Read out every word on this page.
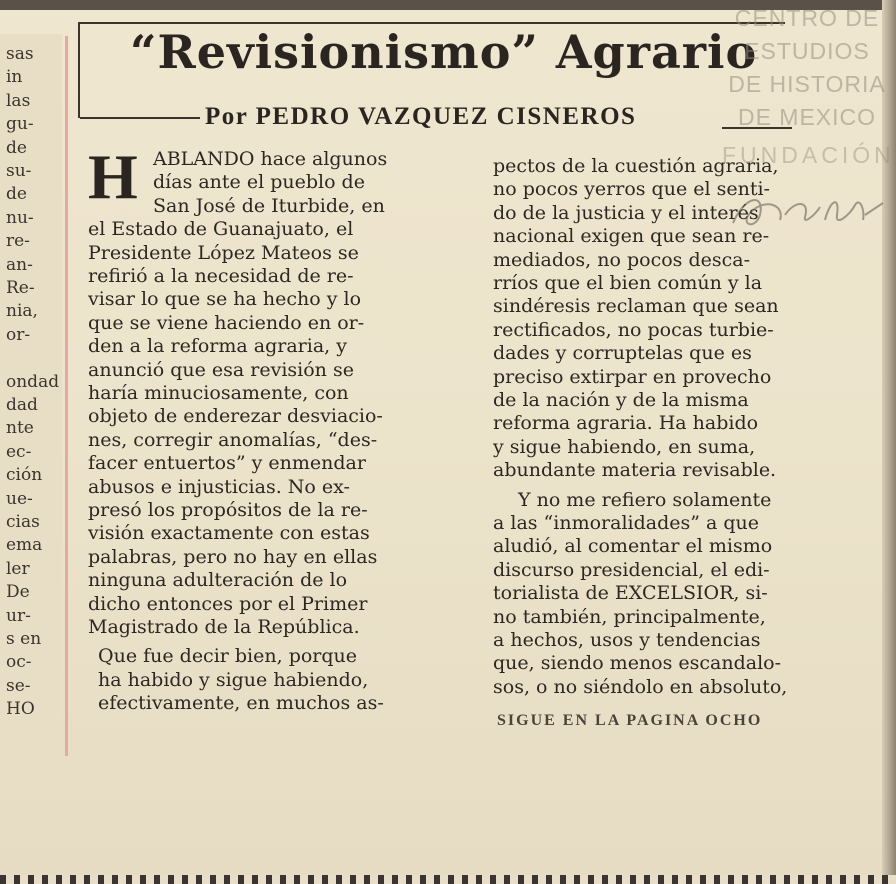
sas
in
las
gu-
de
su-
de
nu-
re-
an-
Re-
nia,
or-
ondad
dad
nte
ec-
ción
ue-
cias
ema
ler
De
ur-
s en
oc-
se-
HO
“Revisionismo” Agrario
Por PEDRO VAZQUEZ CISNEROS
H ABLANDO hace algunos
días ante el pueblo de
San José de Iturbide, en
el Estado de Guanajuato, el
Presidente López Mateos se
refirió a la necesidad de re-
visar lo que se ha hecho y lo
que se viene haciendo en or-
den a la reforma agraria, y
anunció que esa revisión se
haría minuciosamente, con
objeto de enderezar desviacio-
nes, corregir anomalías, “des-
facer entuertos” y enmendar
abusos e injusticias. No ex-
presó los propósitos de la re-
visión exactamente con estas
palabras, pero no hay en ellas
ninguna adulteración de lo
dicho entonces por el Primer
Magistrado de la República.
Que fue decir bien, porque
ha habido y sigue habiendo,
efectivamente, en muchos as-
pectos de la cuestión agraria,
no pocos yerros que el senti-
do de la justicia y el interés
nacional exigen que sean re-
mediados, no pocos desca-
rríos que el bien común y la
sindéresis reclaman que sean
rectificados, no pocas turbie-
dades y corruptelas que es
preciso extirpar en provecho
de la nación y de la misma
reforma agraria. Ha habido
y sigue habiendo, en suma,
abundante materia revisable.
Y no me refiero solamente
a las “inmoralidades” a que
aludió, al comentar el mismo
discurso presidencial, el edi-
torialista de EXCELSIOR, si-
no también, principalmente,
a hechos, usos y tendencias
que, siendo menos escandalo-
sos, o no siéndolo en absoluto,
SIGUE EN LA PAGINA OCHO
CENTRO DE
ESTUDIOS
DE HISTORIA
DE MEXICO
FUNDACIÓN
